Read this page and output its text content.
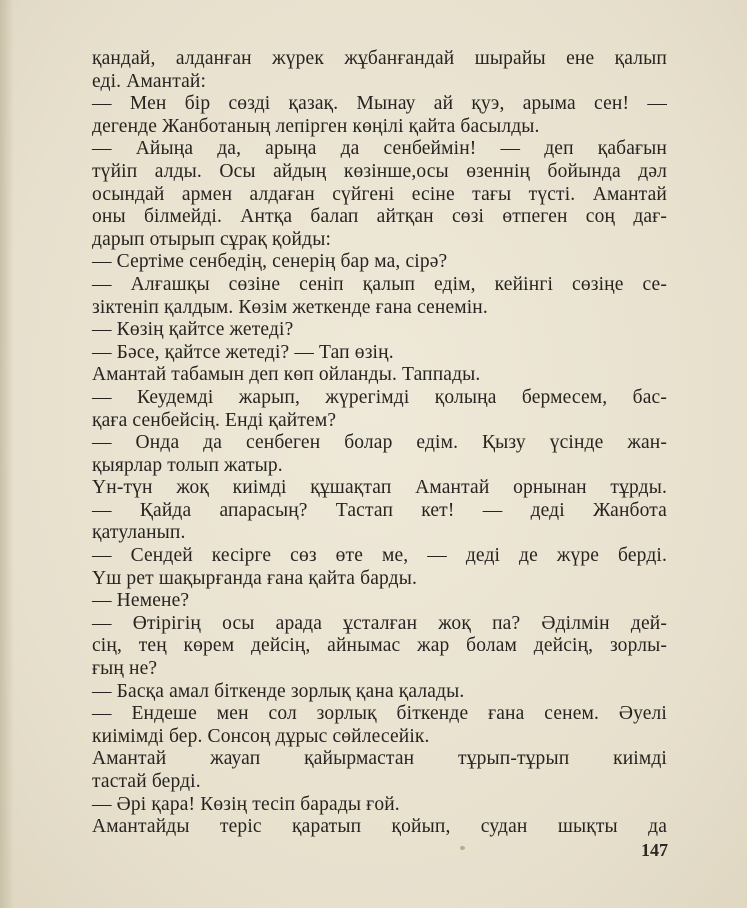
қандай, алданған жүрек жұбанғандай шырайы ене қалып
еді. Амантай:
— Мен бір сөзді қазақ. Мынау ай қуэ, арыма сен! —
дегенде Жанботаның лепірген көңілі қайта басылды.
— Айыңа да, арыңа да сенбеймін! — деп қабағын
түйіп алды. Осы айдың көзінше,осы өзеннің бойында дәл
осындай армен алдаған сүйгені есіне тағы түсті. Амантай
оны білмейді. Антқа балап айтқан сөзі өтпеген соң дағ-
дарып отырып сұрақ қойды:
— Сертіме сенбедің, сенерің бар ма, сірә?
— Алғашқы сөзіне сеніп қалып едім, кейінгі сөзіңе се-
зіктеніп қалдым. Көзім жеткенде ғана сенемін.
— Көзің қайтсе жетеді?
— Бәсе, қайтсе жетеді? — Тап өзің.
Амантай табамын деп көп ойланды. Таппады.
— Кеудемді жарып, жүрегімді қолыңа бермесем, бас-
қаға сенбейсің. Енді қайтем?
— Онда да сенбеген болар едім. Қызу үсінде жан-
қыярлар толып жатыр.
Үн-түн жоқ киімді құшақтап Амантай орнынан тұрды.
— Қайда апарасың? Тастап кет! — деді Жанбота
қатуланып.
— Сендей кесірге сөз өте ме, — деді де жүре берді.
Үш рет шақырғанда ғана қайта барды.
— Немене?
— Өтірігің осы арада ұсталған жоқ па? Әділмін дей-
сің, тең көрем дейсің, айнымас жар болам дейсің, зорлы-
ғың не?
— Басқа амал біткенде зорлық қана қалады.
— Ендеше мен сол зорлық біткенде ғана сенем. Әуелі
киімімді бер. Сонсоң дұрыс сөйлесейік.
Амантай жауап қайырмастан тұрып-тұрып киімді
тастай берді.
— Әрі қара! Көзің тесіп барады ғой.
Амантайды теріс қаратып қойып, судан шықты да
147
